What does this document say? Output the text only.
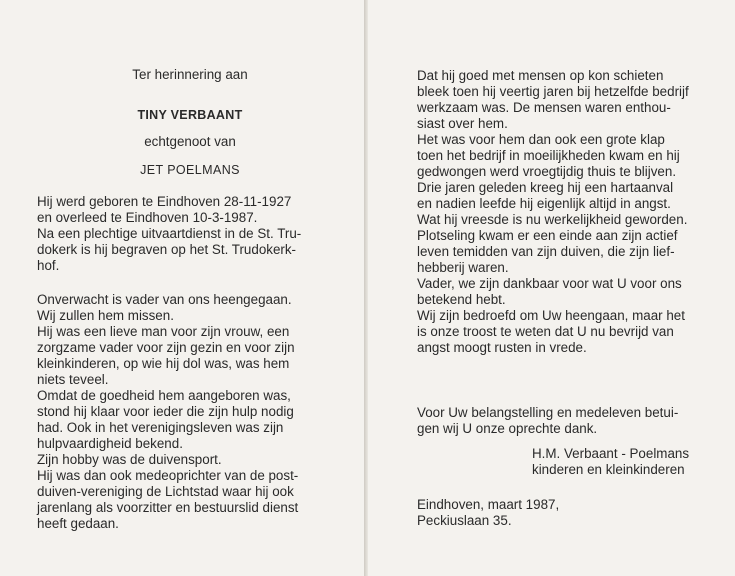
Ter herinnering aan
TINY VERBAANT
echtgenoot van
JET POELMANS
Hij werd geboren te Eindhoven 28-11-1927
en overleed te Eindhoven 10-3-1987.
Na een plechtige uitvaartdienst in de St. Tru-
dokerk is hij begraven op het St. Trudokerk-
hof.
Onverwacht is vader van ons heengegaan.
Wij zullen hem missen.
Hij was een lieve man voor zijn vrouw, een
zorgzame vader voor zijn gezin en voor zijn
kleinkinderen, op wie hij dol was, was hem
niets teveel.
Omdat de goedheid hem aangeboren was,
stond hij klaar voor ieder die zijn hulp nodig
had. Ook in het verenigingsleven was zijn
hulpvaardigheid bekend.
Zijn hobby was de duivensport.
Hij was dan ook medeoprichter van de post-
duiven-vereniging de Lichtstad waar hij ook
jarenlang als voorzitter en bestuurslid dienst
heeft gedaan.
Dat hij goed met mensen op kon schieten
bleek toen hij veertig jaren bij hetzelfde bedrijf
werkzaam was. De mensen waren enthou-
siast over hem.
Het was voor hem dan ook een grote klap
toen het bedrijf in moeilijkheden kwam en hij
gedwongen werd vroegtijdig thuis te blijven.
Drie jaren geleden kreeg hij een hartaanval
en nadien leefde hij eigenlijk altijd in angst.
Wat hij vreesde is nu werkelijkheid geworden.
Plotseling kwam er een einde aan zijn actief
leven temidden van zijn duiven, die zijn lief-
hebberij waren.
Vader, we zijn dankbaar voor wat U voor ons
betekend hebt.
Wij zijn bedroefd om Uw heengaan, maar het
is onze troost te weten dat U nu bevrijd van
angst moogt rusten in vrede.
Voor Uw belangstelling en medeleven betui-
gen wij U onze oprechte dank.
H.M. Verbaant - Poelmans
kinderen en kleinkinderen
Eindhoven, maart 1987,
Peckiuslaan 35.
